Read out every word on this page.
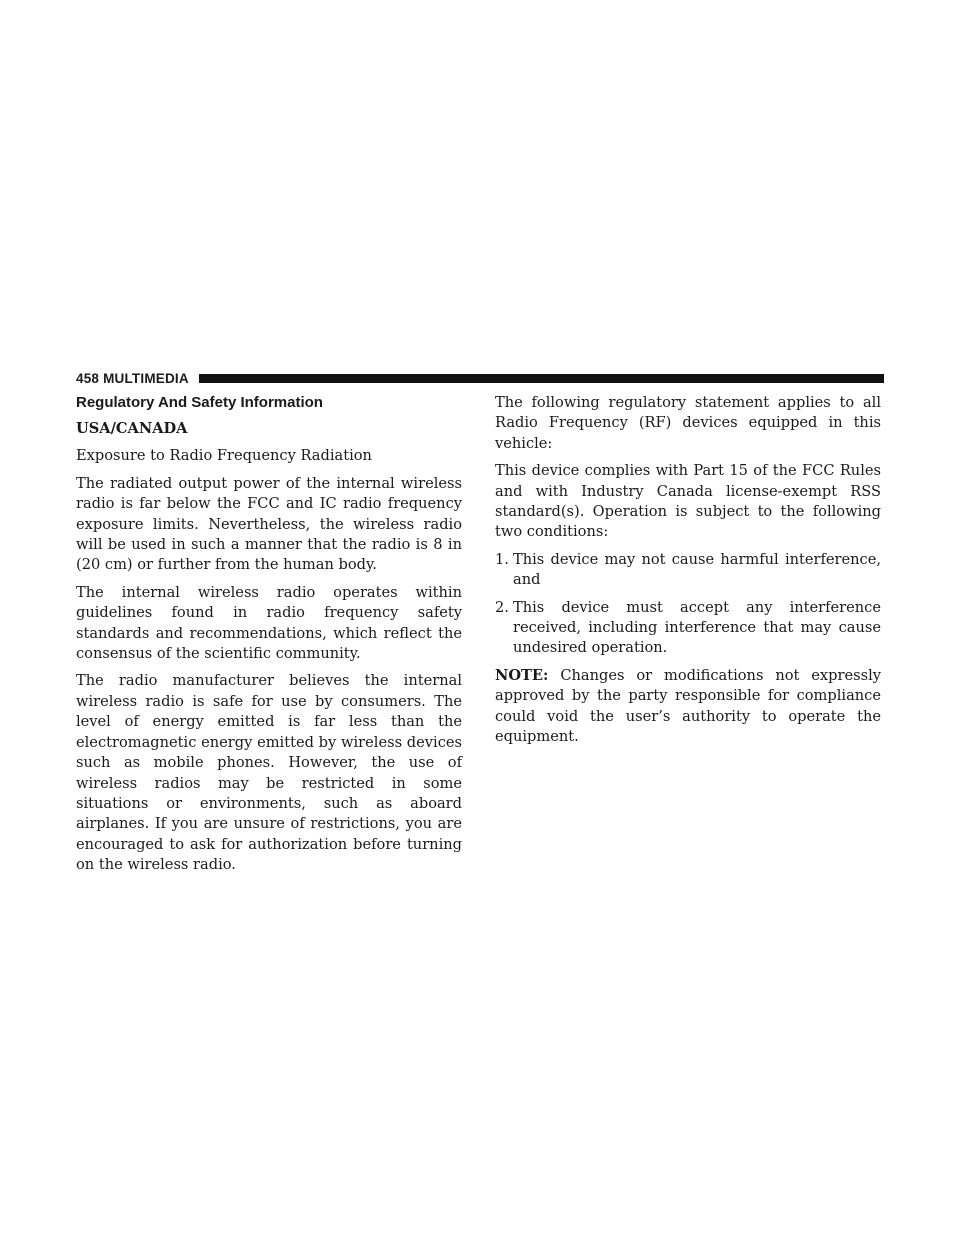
458 MULTIMEDIA
Regulatory And Safety Information
USA/CANADA

Exposure to Radio Frequency Radiation

The radiated output power of the internal wireless radio is far below the FCC and IC radio frequency exposure limits. Nevertheless, the wireless radio will be used in such a manner that the radio is 8 in (20 cm) or further from the human body.

The internal wireless radio operates within guidelines found in radio frequency safety standards and recommendations, which reflect the consensus of the scientific community.

The radio manufacturer believes the internal wireless radio is safe for use by consumers. The level of energy emitted is far less than the electromagnetic energy emitted by wireless devices such as mobile phones. However, the use of wireless radios may be restricted in some situations or environments, such as aboard airplanes. If you are unsure of restrictions, you are encouraged to ask for authorization before turning on the wireless radio.

The following regulatory statement applies to all Radio Frequency (RF) devices equipped in this vehicle:

This device complies with Part 15 of the FCC Rules and with Industry Canada license-exempt RSS standard(s). Operation is subject to the following two conditions:

1. This device may not cause harmful interference, and
2. This device must accept any interference received, including interference that may cause undesired operation.

NOTE: Changes or modifications not expressly approved by the party responsible for compliance could void the user’s authority to operate the equipment.
